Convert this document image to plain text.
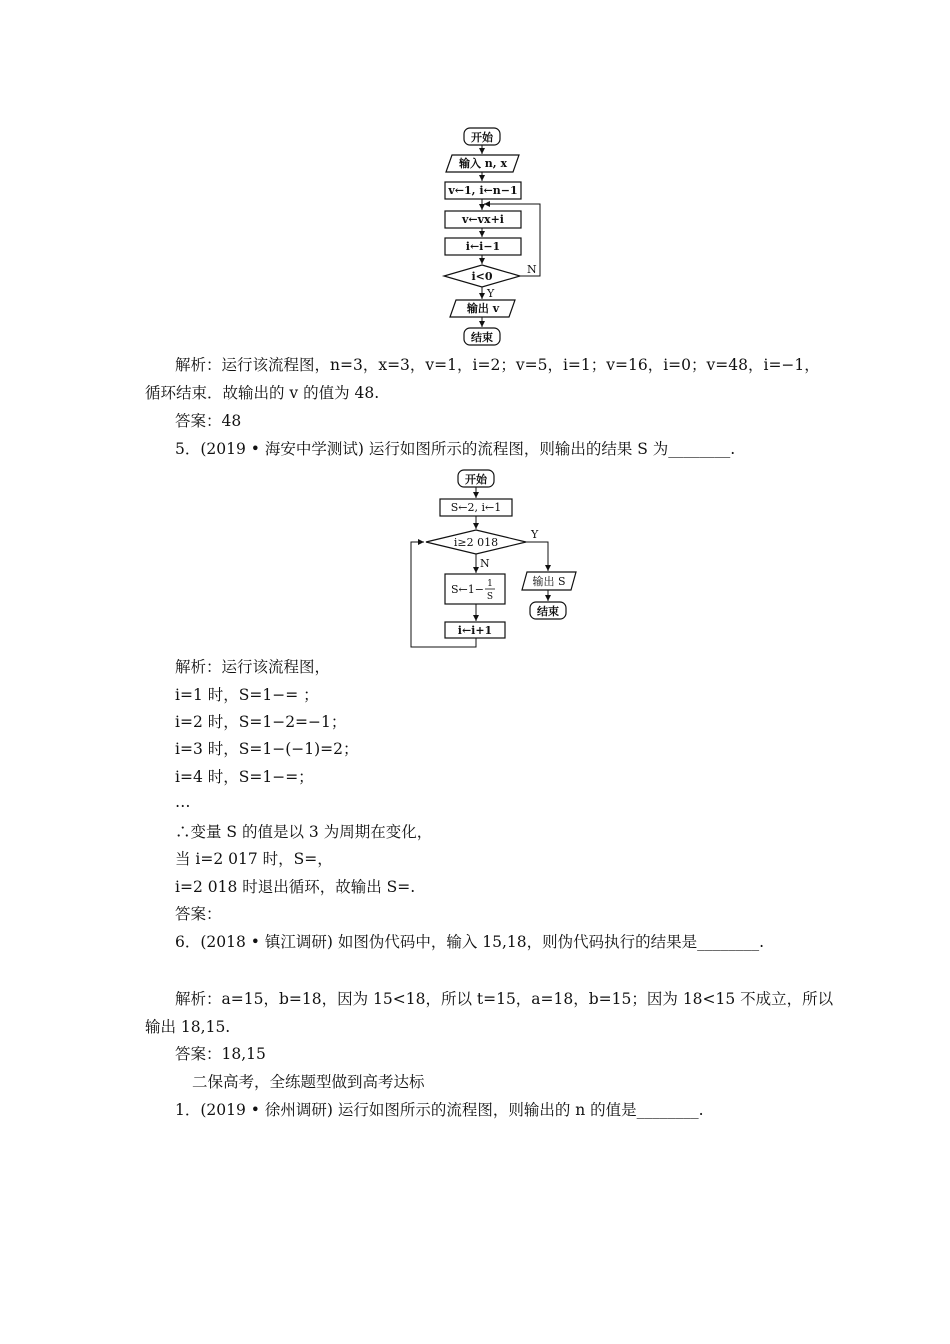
开始
输入 n, x
v←1, i←n−1
v←vx+i
i←i−1
i<0
N
Y
输出 v
结束
解析：运行该流程图，n=3，x=3，v=1，i=2；v=5，i=1；v=16，i=0；v=48，i=−1，
循环结束．故输出的 v 的值为 48.
答案：48
5．(2019 • 海安中学测试) 运行如图所示的流程图，则输出的结果 S 为________.
开始
S←2, i←1
i≥2 018
Y
输出 S
结束
N
S←1− 1
S
i←i+1
解析：运行该流程图，
i=1 时，S=1−= ；
i=2 时，S=1−2=−1；
i=3 时，S=1−(−1)=2；
i=4 时，S=1−=；
…
∴变量 S 的值是以 3 为周期在变化，
当 i=2 017 时，S=，
i=2 018 时退出循环，故输出 S=.
答案：
6．(2018 • 镇江调研) 如图伪代码中，输入 15,18，则伪代码执行的结果是________.
解析：a=15，b=18，因为 15<18，所以 t=15，a=18，b=15；因为 18<15 不成立，所以
输出 18,15.
答案：18,15
二保高考，全练题型做到高考达标
1．(2019 • 徐州调研) 运行如图所示的流程图，则输出的 n 的值是________.
